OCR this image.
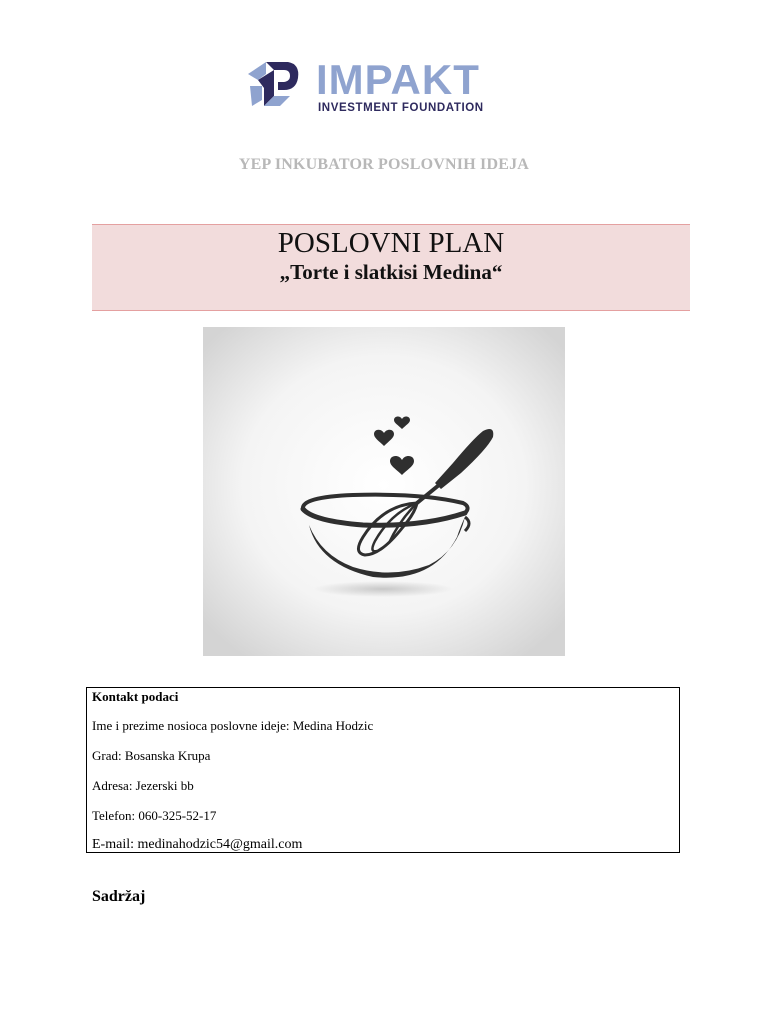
IMPAKT
INVESTMENT FOUNDATION
YEP INKUBATOR POSLOVNIH IDEJA
POSLOVNI PLAN
„Torte i slatkisi Medina“
Kontakt podaci
Ime i prezime nosioca poslovne ideje: Medina Hodzic
Grad: Bosanska Krupa
Adresa: Jezerski bb
Telefon: 060-325-52-17
E-mail: medinahodzic54@gmail.com
Sadržaj
